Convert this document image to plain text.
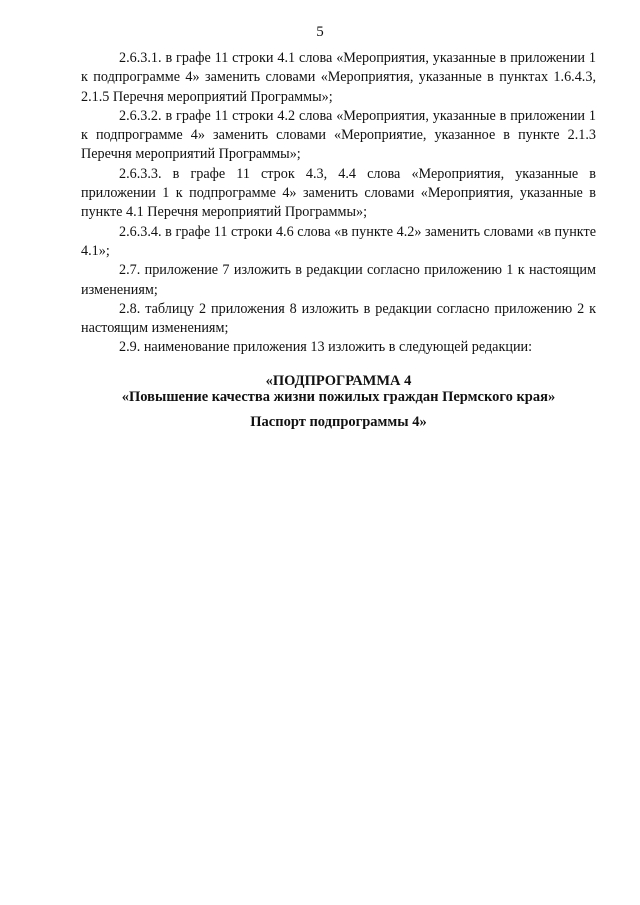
5

2.6.3.1. в графе 11 строки 4.1 слова «Мероприятия, указанные в приложении 1 к подпрограмме 4» заменить словами «Мероприятия, указанные в пунктах 1.6.4.3, 2.1.5 Перечня мероприятий Программы»;

2.6.3.2. в графе 11 строки 4.2 слова «Мероприятия, указанные в приложении 1 к подпрограмме 4» заменить словами «Мероприятие, указанное в пункте 2.1.3 Перечня мероприятий Программы»;

2.6.3.3. в графе 11 строк 4.3, 4.4 слова «Мероприятия, указанные в приложении 1 к подпрограмме 4» заменить словами «Мероприятия, указанные в пункте 4.1 Перечня мероприятий Программы»;

2.6.3.4. в графе 11 строки 4.6 слова «в пункте 4.2» заменить словами «в пункте 4.1»;

2.7. приложение 7 изложить в редакции согласно приложению 1 к настоящим изменениям;

2.8. таблицу 2 приложения 8 изложить в редакции согласно приложению 2 к настоящим изменениям;

2.9. наименование приложения 13 изложить в следующей редакции:

«ПОДПРОГРАММА 4
«Повышение качества жизни пожилых граждан Пермского края»
Паспорт подпрограммы 4»
